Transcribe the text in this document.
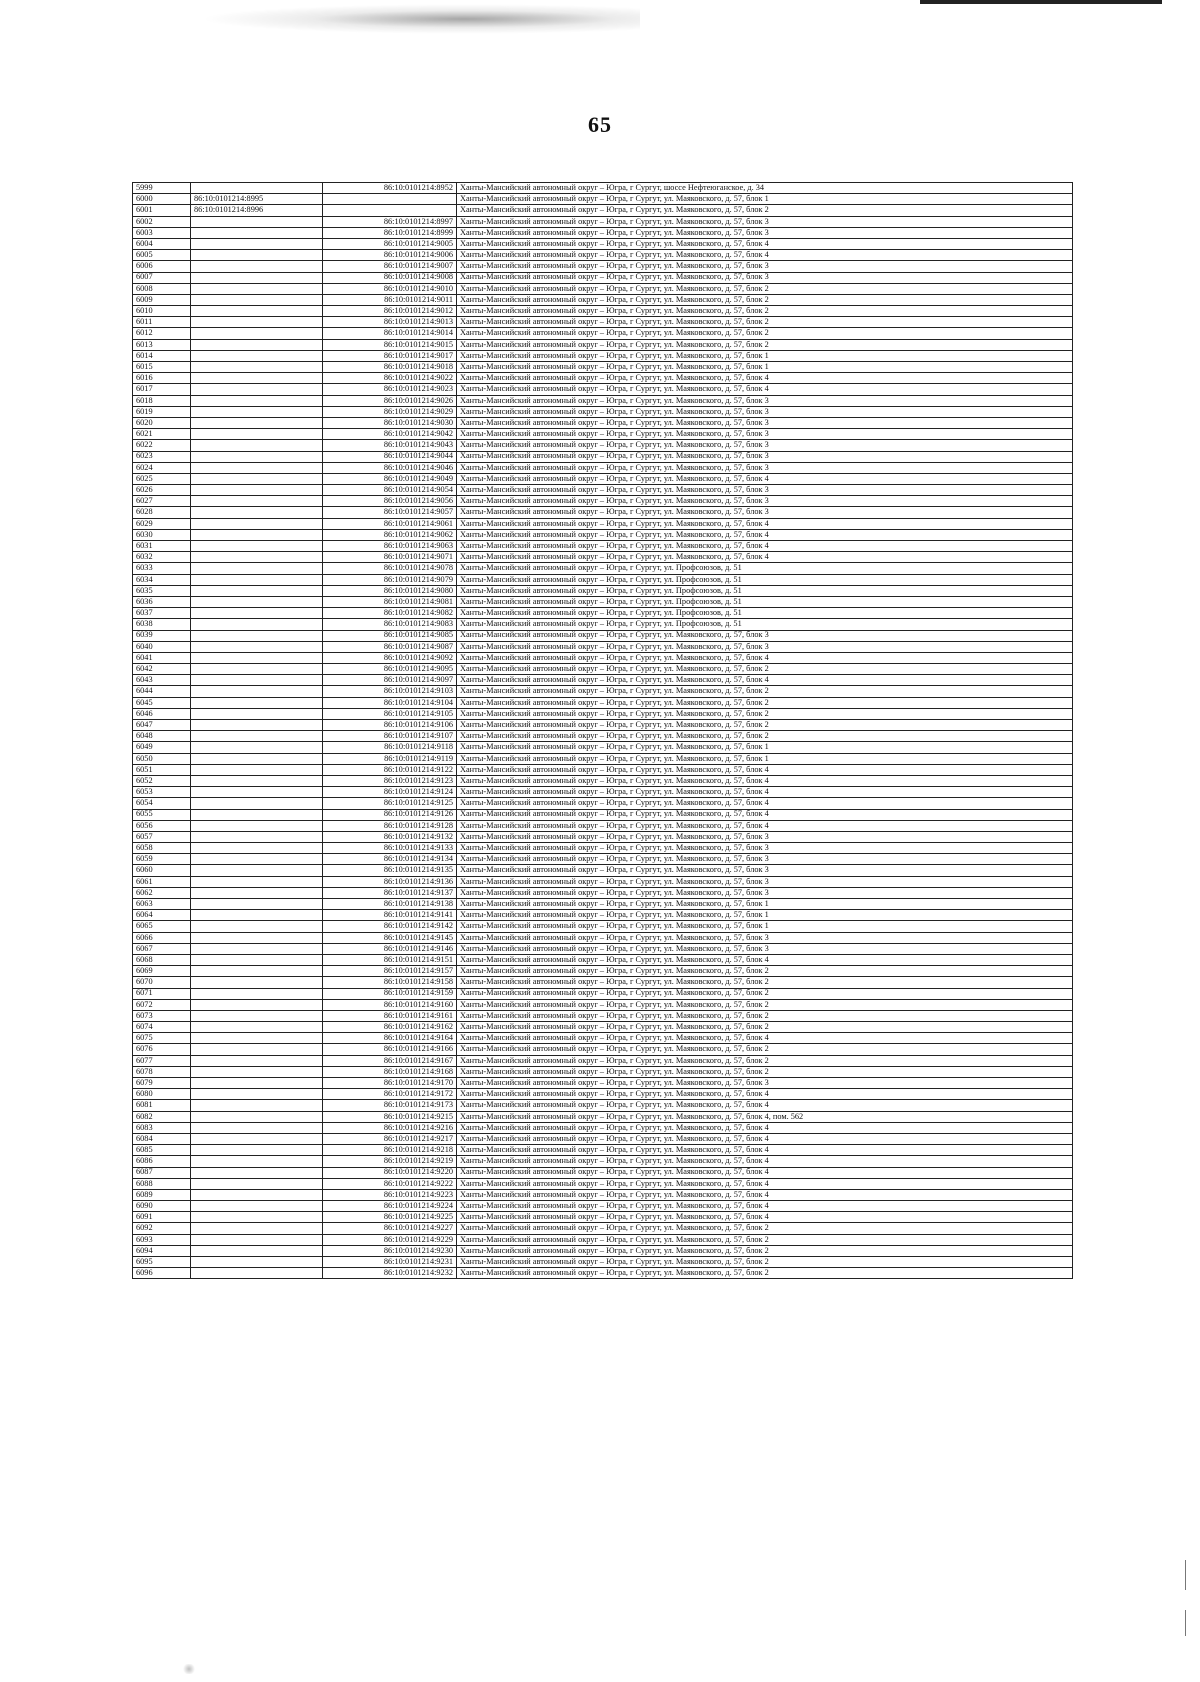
65
5999		86:10:0101214:8952	Ханты-Мансийский автономный округ – Югра, г Сургут, шоссе Нефтеюганское, д. 34
6000	86:10:0101214:8995		Ханты-Мансийский автономный округ – Югра, г Сургут, ул. Маяковского, д. 57, блок 1
6001	86:10:0101214:8996		Ханты-Мансийский автономный округ – Югра, г Сургут, ул. Маяковского, д. 57, блок 2
6002		86:10:0101214:8997	Ханты-Мансийский автономный округ – Югра, г Сургут, ул. Маяковского, д. 57, блок 3
6003		86:10:0101214:8999	Ханты-Мансийский автономный округ – Югра, г Сургут, ул. Маяковского, д. 57, блок 3
6004		86:10:0101214:9005	Ханты-Мансийский автономный округ – Югра, г Сургут, ул. Маяковского, д. 57, блок 4
6005		86:10:0101214:9006	Ханты-Мансийский автономный округ – Югра, г Сургут, ул. Маяковского, д. 57, блок 4
6006		86:10:0101214:9007	Ханты-Мансийский автономный округ – Югра, г Сургут, ул. Маяковского, д. 57, блок 3
6007		86:10:0101214:9008	Ханты-Мансийский автономный округ – Югра, г Сургут, ул. Маяковского, д. 57, блок 3
6008		86:10:0101214:9010	Ханты-Мансийский автономный округ – Югра, г Сургут, ул. Маяковского, д. 57, блок 2
6009		86:10:0101214:9011	Ханты-Мансийский автономный округ – Югра, г Сургут, ул. Маяковского, д. 57, блок 2
6010		86:10:0101214:9012	Ханты-Мансийский автономный округ – Югра, г Сургут, ул. Маяковского, д. 57, блок 2
6011		86:10:0101214:9013	Ханты-Мансийский автономный округ – Югра, г Сургут, ул. Маяковского, д. 57, блок 2
6012		86:10:0101214:9014	Ханты-Мансийский автономный округ – Югра, г Сургут, ул. Маяковского, д. 57, блок 2
6013		86:10:0101214:9015	Ханты-Мансийский автономный округ – Югра, г Сургут, ул. Маяковского, д. 57, блок 2
6014		86:10:0101214:9017	Ханты-Мансийский автономный округ – Югра, г Сургут, ул. Маяковского, д. 57, блок 1
6015		86:10:0101214:9018	Ханты-Мансийский автономный округ – Югра, г Сургут, ул. Маяковского, д. 57, блок 1
6016		86:10:0101214:9022	Ханты-Мансийский автономный округ – Югра, г Сургут, ул. Маяковского, д. 57, блок 4
6017		86:10:0101214:9023	Ханты-Мансийский автономный округ – Югра, г Сургут, ул. Маяковского, д. 57, блок 4
6018		86:10:0101214:9026	Ханты-Мансийский автономный округ – Югра, г Сургут, ул. Маяковского, д. 57, блок 3
6019		86:10:0101214:9029	Ханты-Мансийский автономный округ – Югра, г Сургут, ул. Маяковского, д. 57, блок 3
6020		86:10:0101214:9030	Ханты-Мансийский автономный округ – Югра, г Сургут, ул. Маяковского, д. 57, блок 3
6021		86:10:0101214:9042	Ханты-Мансийский автономный округ – Югра, г Сургут, ул. Маяковского, д. 57, блок 3
6022		86:10:0101214:9043	Ханты-Мансийский автономный округ – Югра, г Сургут, ул. Маяковского, д. 57, блок 3
6023		86:10:0101214:9044	Ханты-Мансийский автономный округ – Югра, г Сургут, ул. Маяковского, д. 57, блок 3
6024		86:10:0101214:9046	Ханты-Мансийский автономный округ – Югра, г Сургут, ул. Маяковского, д. 57, блок 3
6025		86:10:0101214:9049	Ханты-Мансийский автономный округ – Югра, г Сургут, ул. Маяковского, д. 57, блок 4
6026		86:10:0101214:9054	Ханты-Мансийский автономный округ – Югра, г Сургут, ул. Маяковского, д. 57, блок 3
6027		86:10:0101214:9056	Ханты-Мансийский автономный округ – Югра, г Сургут, ул. Маяковского, д. 57, блок 3
6028		86:10:0101214:9057	Ханты-Мансийский автономный округ – Югра, г Сургут, ул. Маяковского, д. 57, блок 3
6029		86:10:0101214:9061	Ханты-Мансийский автономный округ – Югра, г Сургут, ул. Маяковского, д. 57, блок 4
6030		86:10:0101214:9062	Ханты-Мансийский автономный округ – Югра, г Сургут, ул. Маяковского, д. 57, блок 4
6031		86:10:0101214:9063	Ханты-Мансийский автономный округ – Югра, г Сургут, ул. Маяковского, д. 57, блок 4
6032		86:10:0101214:9071	Ханты-Мансийский автономный округ – Югра, г Сургут, ул. Маяковского, д. 57, блок 4
6033		86:10:0101214:9078	Ханты-Мансийский автономный округ – Югра, г Сургут, ул. Профсоюзов, д. 51
6034		86:10:0101214:9079	Ханты-Мансийский автономный округ – Югра, г Сургут, ул. Профсоюзов, д. 51
6035		86:10:0101214:9080	Ханты-Мансийский автономный округ – Югра, г Сургут, ул. Профсоюзов, д. 51
6036		86:10:0101214:9081	Ханты-Мансийский автономный округ – Югра, г Сургут, ул. Профсоюзов, д. 51
6037		86:10:0101214:9082	Ханты-Мансийский автономный округ – Югра, г Сургут, ул. Профсоюзов, д. 51
6038		86:10:0101214:9083	Ханты-Мансийский автономный округ – Югра, г Сургут, ул. Профсоюзов, д. 51
6039		86:10:0101214:9085	Ханты-Мансийский автономный округ – Югра, г Сургут, ул. Маяковского, д. 57, блок 3
6040		86:10:0101214:9087	Ханты-Мансийский автономный округ – Югра, г Сургут, ул. Маяковского, д. 57, блок 3
6041		86:10:0101214:9092	Ханты-Мансийский автономный округ – Югра, г Сургут, ул. Маяковского, д. 57, блок 4
6042		86:10:0101214:9095	Ханты-Мансийский автономный округ – Югра, г Сургут, ул. Маяковского, д. 57, блок 2
6043		86:10:0101214:9097	Ханты-Мансийский автономный округ – Югра, г Сургут, ул. Маяковского, д. 57, блок 4
6044		86:10:0101214:9103	Ханты-Мансийский автономный округ – Югра, г Сургут, ул. Маяковского, д. 57, блок 2
6045		86:10:0101214:9104	Ханты-Мансийский автономный округ – Югра, г Сургут, ул. Маяковского, д. 57, блок 2
6046		86:10:0101214:9105	Ханты-Мансийский автономный округ – Югра, г Сургут, ул. Маяковского, д. 57, блок 2
6047		86:10:0101214:9106	Ханты-Мансийский автономный округ – Югра, г Сургут, ул. Маяковского, д. 57, блок 2
6048		86:10:0101214:9107	Ханты-Мансийский автономный округ – Югра, г Сургут, ул. Маяковского, д. 57, блок 2
6049		86:10:0101214:9118	Ханты-Мансийский автономный округ – Югра, г Сургут, ул. Маяковского, д. 57, блок 1
6050		86:10:0101214:9119	Ханты-Мансийский автономный округ – Югра, г Сургут, ул. Маяковского, д. 57, блок 1
6051		86:10:0101214:9122	Ханты-Мансийский автономный округ – Югра, г Сургут, ул. Маяковского, д. 57, блок 4
6052		86:10:0101214:9123	Ханты-Мансийский автономный округ – Югра, г Сургут, ул. Маяковского, д. 57, блок 4
6053		86:10:0101214:9124	Ханты-Мансийский автономный округ – Югра, г Сургут, ул. Маяковского, д. 57, блок 4
6054		86:10:0101214:9125	Ханты-Мансийский автономный округ – Югра, г Сургут, ул. Маяковского, д. 57, блок 4
6055		86:10:0101214:9126	Ханты-Мансийский автономный округ – Югра, г Сургут, ул. Маяковского, д. 57, блок 4
6056		86:10:0101214:9128	Ханты-Мансийский автономный округ – Югра, г Сургут, ул. Маяковского, д. 57, блок 4
6057		86:10:0101214:9132	Ханты-Мансийский автономный округ – Югра, г Сургут, ул. Маяковского, д. 57, блок 3
6058		86:10:0101214:9133	Ханты-Мансийский автономный округ – Югра, г Сургут, ул. Маяковского, д. 57, блок 3
6059		86:10:0101214:9134	Ханты-Мансийский автономный округ – Югра, г Сургут, ул. Маяковского, д. 57, блок 3
6060		86:10:0101214:9135	Ханты-Мансийский автономный округ – Югра, г Сургут, ул. Маяковского, д. 57, блок 3
6061		86:10:0101214:9136	Ханты-Мансийский автономный округ – Югра, г Сургут, ул. Маяковского, д. 57, блок 3
6062		86:10:0101214:9137	Ханты-Мансийский автономный округ – Югра, г Сургут, ул. Маяковского, д. 57, блок 3
6063		86:10:0101214:9138	Ханты-Мансийский автономный округ – Югра, г Сургут, ул. Маяковского, д. 57, блок 1
6064		86:10:0101214:9141	Ханты-Мансийский автономный округ – Югра, г Сургут, ул. Маяковского, д. 57, блок 1
6065		86:10:0101214:9142	Ханты-Мансийский автономный округ – Югра, г Сургут, ул. Маяковского, д. 57, блок 1
6066		86:10:0101214:9145	Ханты-Мансийский автономный округ – Югра, г Сургут, ул. Маяковского, д. 57, блок 3
6067		86:10:0101214:9146	Ханты-Мансийский автономный округ – Югра, г Сургут, ул. Маяковского, д. 57, блок 3
6068		86:10:0101214:9151	Ханты-Мансийский автономный округ – Югра, г Сургут, ул. Маяковского, д. 57, блок 4
6069		86:10:0101214:9157	Ханты-Мансийский автономный округ – Югра, г Сургут, ул. Маяковского, д. 57, блок 2
6070		86:10:0101214:9158	Ханты-Мансийский автономный округ – Югра, г Сургут, ул. Маяковского, д. 57, блок 2
6071		86:10:0101214:9159	Ханты-Мансийский автономный округ – Югра, г Сургут, ул. Маяковского, д. 57, блок 2
6072		86:10:0101214:9160	Ханты-Мансийский автономный округ – Югра, г Сургут, ул. Маяковского, д. 57, блок 2
6073		86:10:0101214:9161	Ханты-Мансийский автономный округ – Югра, г Сургут, ул. Маяковского, д. 57, блок 2
6074		86:10:0101214:9162	Ханты-Мансийский автономный округ – Югра, г Сургут, ул. Маяковского, д. 57, блок 2
6075		86:10:0101214:9164	Ханты-Мансийский автономный округ – Югра, г Сургут, ул. Маяковского, д. 57, блок 4
6076		86:10:0101214:9166	Ханты-Мансийский автономный округ – Югра, г Сургут, ул. Маяковского, д. 57, блок 2
6077		86:10:0101214:9167	Ханты-Мансийский автономный округ – Югра, г Сургут, ул. Маяковского, д. 57, блок 2
6078		86:10:0101214:9168	Ханты-Мансийский автономный округ – Югра, г Сургут, ул. Маяковского, д. 57, блок 2
6079		86:10:0101214:9170	Ханты-Мансийский автономный округ – Югра, г Сургут, ул. Маяковского, д. 57, блок 3
6080		86:10:0101214:9172	Ханты-Мансийский автономный округ – Югра, г Сургут, ул. Маяковского, д. 57, блок 4
6081		86:10:0101214:9173	Ханты-Мансийский автономный округ – Югра, г Сургут, ул. Маяковского, д. 57, блок 4
6082		86:10:0101214:9215	Ханты-Мансийский автономный округ – Югра, г Сургут, ул. Маяковского, д. 57, блок 4, пом. 562
6083		86:10:0101214:9216	Ханты-Мансийский автономный округ – Югра, г Сургут, ул. Маяковского, д. 57, блок 4
6084		86:10:0101214:9217	Ханты-Мансийский автономный округ – Югра, г Сургут, ул. Маяковского, д. 57, блок 4
6085		86:10:0101214:9218	Ханты-Мансийский автономный округ – Югра, г Сургут, ул. Маяковского, д. 57, блок 4
6086		86:10:0101214:9219	Ханты-Мансийский автономный округ – Югра, г Сургут, ул. Маяковского, д. 57, блок 4
6087		86:10:0101214:9220	Ханты-Мансийский автономный округ – Югра, г Сургут, ул. Маяковского, д. 57, блок 4
6088		86:10:0101214:9222	Ханты-Мансийский автономный округ – Югра, г Сургут, ул. Маяковского, д. 57, блок 4
6089		86:10:0101214:9223	Ханты-Мансийский автономный округ – Югра, г Сургут, ул. Маяковского, д. 57, блок 4
6090		86:10:0101214:9224	Ханты-Мансийский автономный округ – Югра, г Сургут, ул. Маяковского, д. 57, блок 4
6091		86:10:0101214:9225	Ханты-Мансийский автономный округ – Югра, г Сургут, ул. Маяковского, д. 57, блок 4
6092		86:10:0101214:9227	Ханты-Мансийский автономный округ – Югра, г Сургут, ул. Маяковского, д. 57, блок 2
6093		86:10:0101214:9229	Ханты-Мансийский автономный округ – Югра, г Сургут, ул. Маяковского, д. 57, блок 2
6094		86:10:0101214:9230	Ханты-Мансийский автономный округ – Югра, г Сургут, ул. Маяковского, д. 57, блок 2
6095		86:10:0101214:9231	Ханты-Мансийский автономный округ – Югра, г Сургут, ул. Маяковского, д. 57, блок 2
6096		86:10:0101214:9232	Ханты-Мансийский автономный округ – Югра, г Сургут, ул. Маяковского, д. 57, блок 2
